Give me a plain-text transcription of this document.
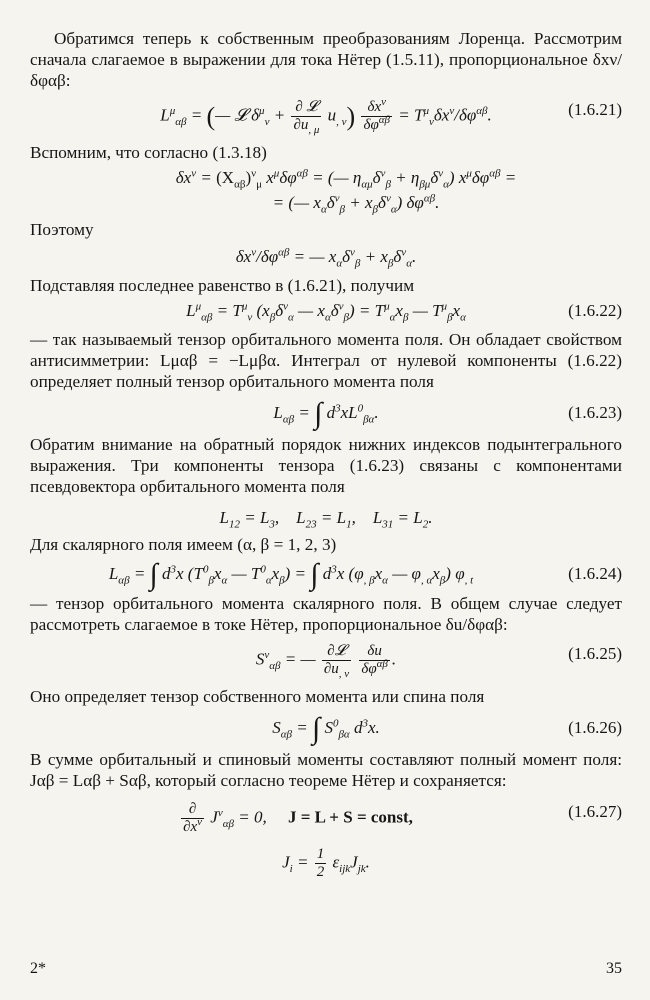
Обратимся теперь к собственным преобразованиям Лоренца. Рассмотрим сначала слагаемое в выражении для тока Нётер (1.5.11), пропорциональное δxν/δφαβ:

$L^\mu_{\alpha\beta}$ = (— 𝓛 $\delta^\mu_\nu + \frac{\text{∂ 𝓛}}{\partial u_{, \mu}} u_{, \nu}) \frac{\delta x^\nu}{\delta\varphi^{\alpha\beta}} = T^\mu_\nu\delta x^\nu/\delta\varphi^{\alpha\beta}$.	(1.6.21)

Вспомним, что согласно (1.3.18)

$\delta x^\nu = (X_{\alpha\beta})^\nu_\mu$ $x^\mu\delta\varphi^{\alpha\beta}$ = (— $\eta_{\alpha\mu}\delta^\nu_\beta + \eta_{\beta\mu}\delta^\nu_\alpha$) $x^\mu\delta\varphi^{\alpha\beta}$ =
= (— $x_\alpha\delta^\nu_\beta + x_\beta\delta^\nu_\alpha$) $\delta\varphi^{\alpha\beta}$.

Поэтому

$\delta x^\nu/\delta\varphi^{\alpha\beta}$ = — $x_\alpha\delta^\nu_\beta + x_\beta\delta^\nu_\alpha$.

Подставляя последнее равенство в (1.6.21), получим

$L^\mu_{\alpha\beta} = T^\mu_\nu$ ($x_\beta\delta^\nu_\alpha$ — $x_\alpha\delta^\nu_\beta) = T^\mu_\alpha x_\beta$ — $T^\mu_\beta x_\alpha$	(1.6.22)

— так называемый тензор орбитального момента поля. Он обладает свойством антисимметрии: Lμαβ = −Lμβα. Интеграл от нулевой компоненты (1.6.22) определяет полный тензор орбитального момента поля

$L_{\alpha\beta}$ = ∫ $d^3xL^0_{\beta\alpha}$.	(1.6.23)

Обратим внимание на обратный порядок нижних индексов подынтегрального выражения. Три компоненты тензора (1.6.23) связаны с компонентами псевдовектора орбитального момента поля

$L_{12} = L_3$,    $L_{23} = L_1$,    $L_{31} = L_2$.

Для скалярного поля имеем (α, β = 1, 2, 3)

$L_{\alpha\beta}$ = ∫ $d^3x$ ($T^0_\beta x_\alpha$ — $T^0_\alpha x_\beta$) = ∫ $d^3x$ ($\varphi_{, \beta}x_\alpha$ — $\varphi_{, \alpha}x_\beta$) $\varphi_{, t}$	(1.6.24)

— тензор орбитального момента скалярного поля. В общем случае следует рассмотреть слагаемое в токе Нётер, пропорциональное δu/δφαβ:

$S^\nu_{\alpha\beta}$ = — $\frac{\text{∂𝓛}}{\partial u_{, \nu}}$
$\frac{\delta u}{\delta\varphi^{\alpha\beta}}$ .	(1.6.25)

Оно определяет тензор собственного момента или спина поля

$S_{\alpha\beta}$ = ∫ $S^0_{\beta\alpha}$ $d^3x$.	(1.6.26)

В сумме орбитальный и спиновый моменты составляют полный момент поля: Jαβ = Lαβ + Sαβ, который согласно теореме Нётер и сохраняется:

$\frac{\partial}{\partial x^\nu} J^\nu_{\alpha\beta} = 0$,     J = L + S = const,	(1.6.27)
$J_i = \frac{1}{2} \varepsilon_{ijk}J_{jk}$.
2*	35
